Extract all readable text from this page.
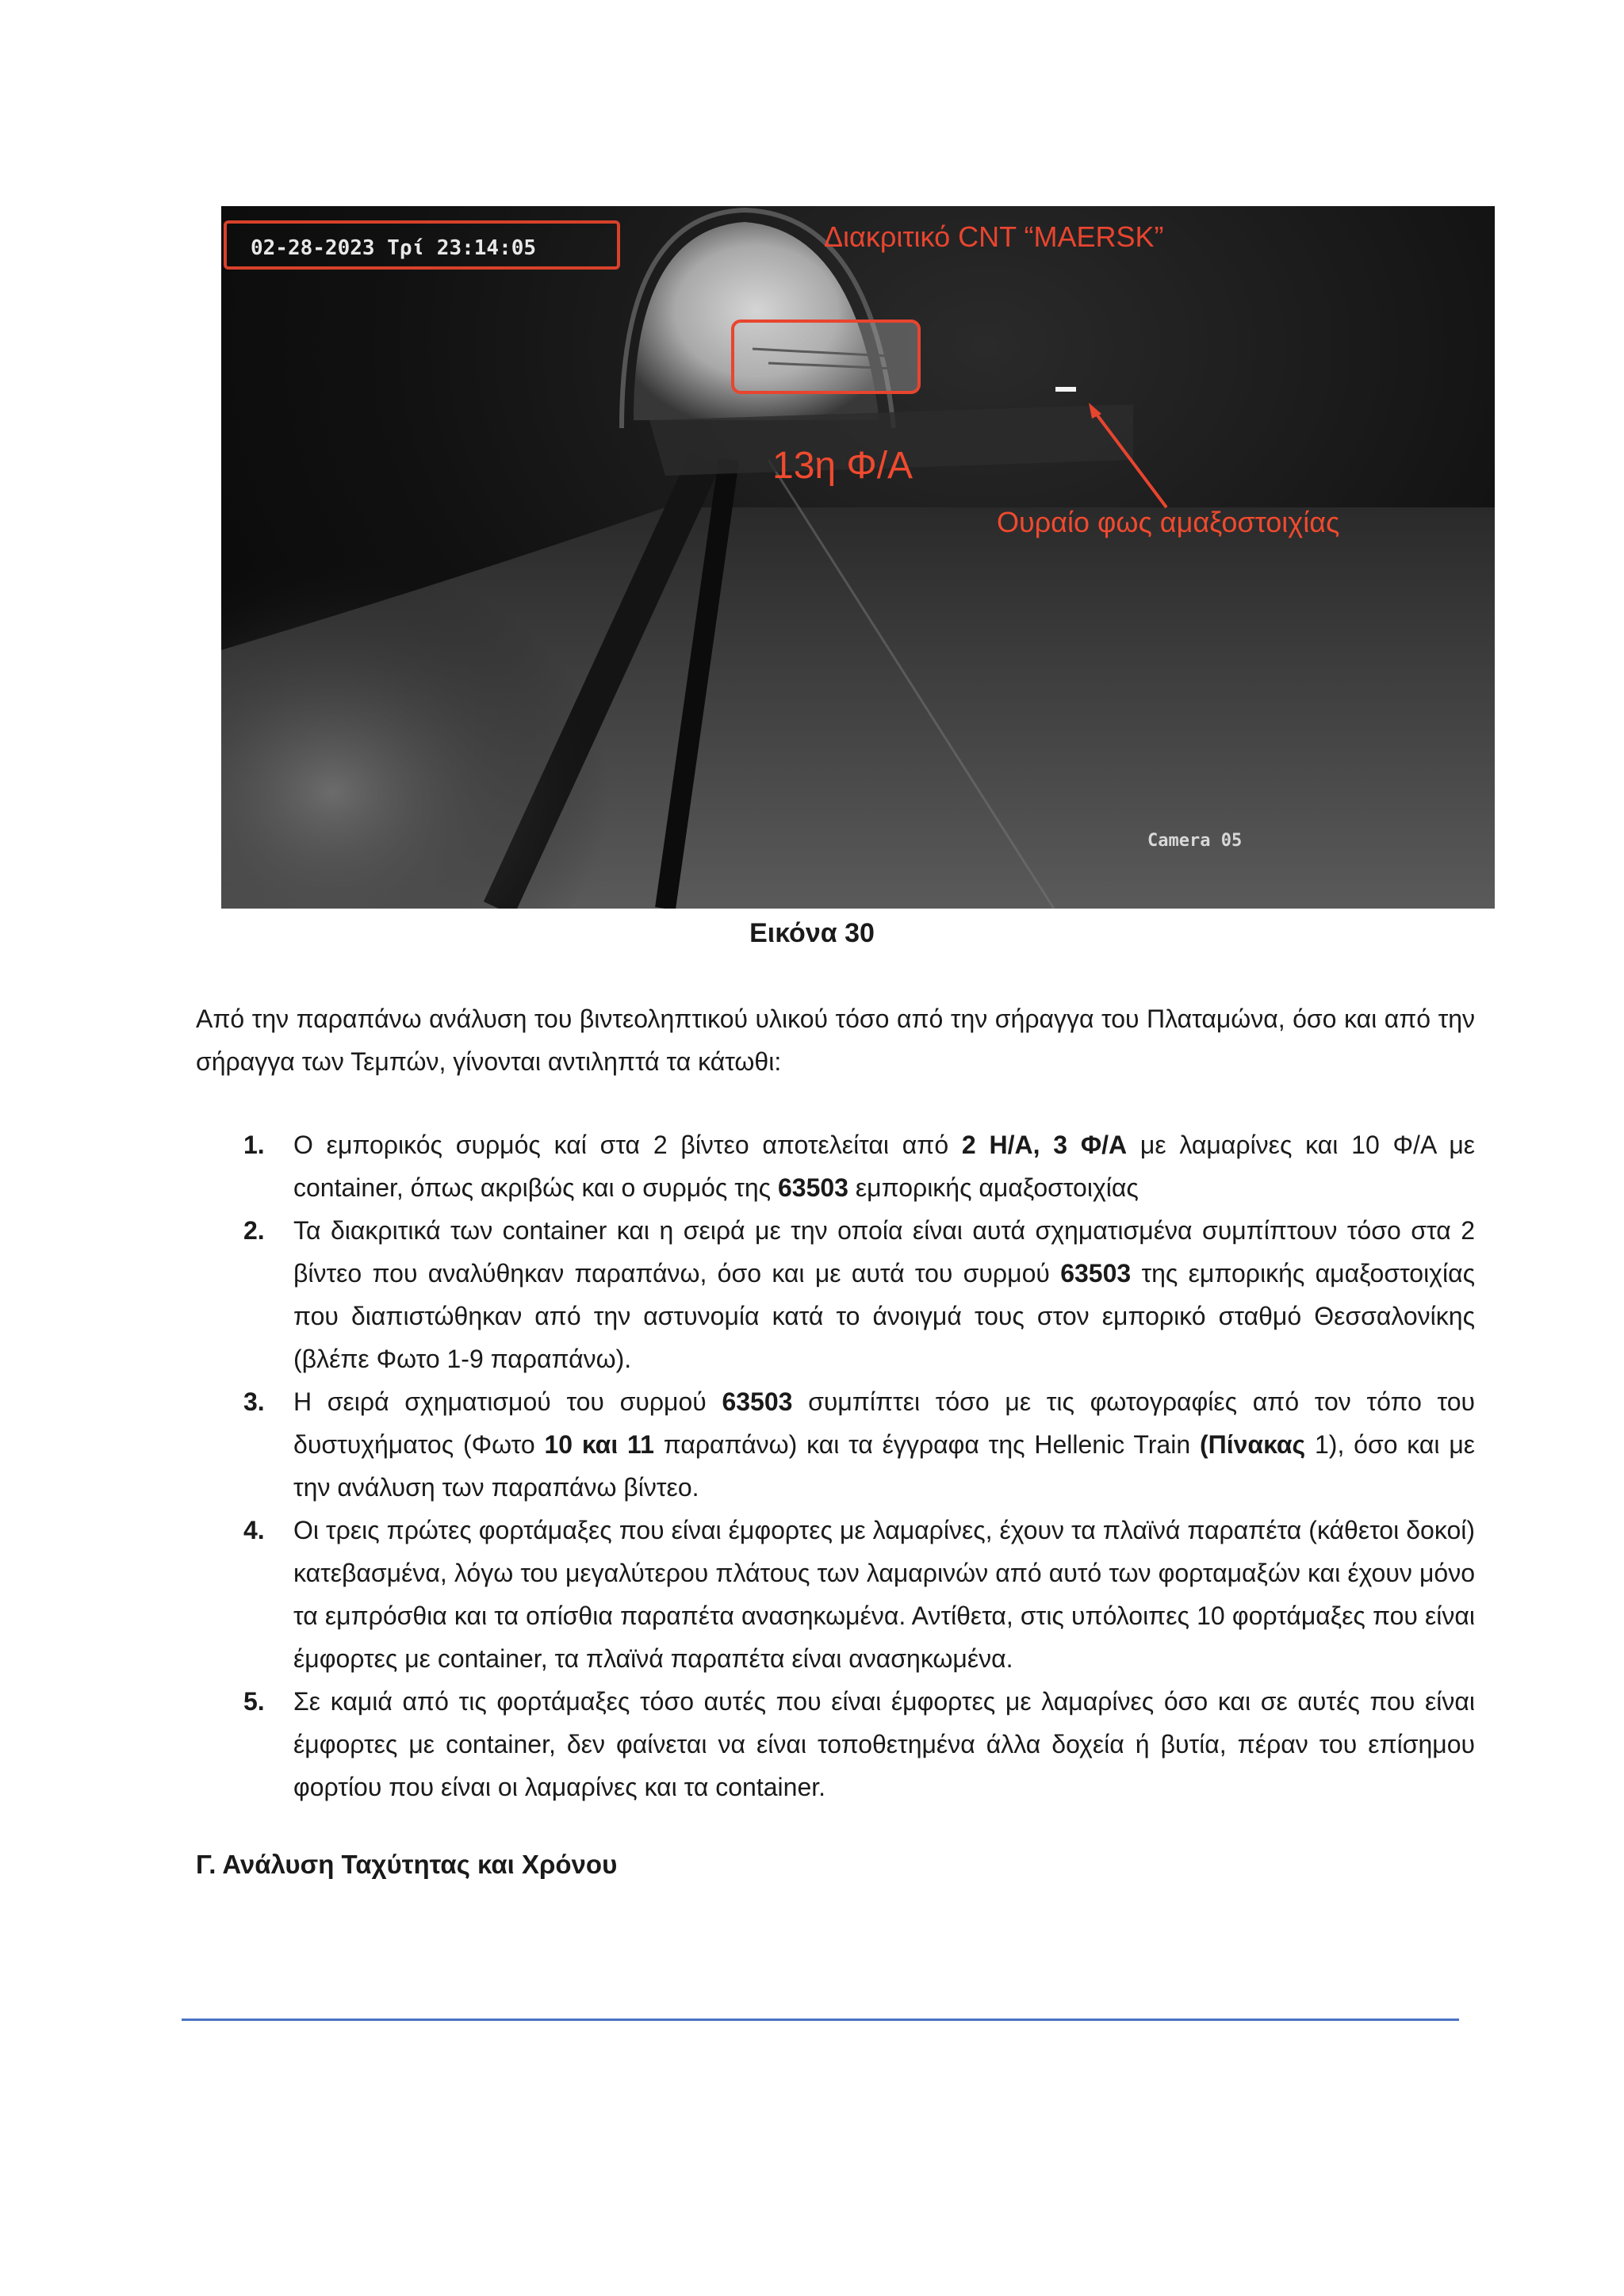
02-28-2023 Τρί 23:14:05	Διακριτικό CNT “MAERSK”
13η Φ/Α
Ουραίο φως αμαξοστοιχίας
Camera 05
Εικόνα 30

Από την παραπάνω ανάλυση του βιντεοληπτικού υλικού τόσο από την σήραγγα του Πλαταμώνα, όσο και από την σήραγγα των Τεμπών, γίνονται αντιληπτά τα κάτωθι:

1. Ο εμπορικός συρμός καί στα 2 βίντεο αποτελείται από 2 Η/Α, 3 Φ/Α με λαμαρίνες και 10 Φ/Α με container, όπως ακριβώς και ο συρμός της 63503 εμπορικής αμαξοστοιχίας
2. Τα διακριτικά των container και η σειρά με την οποία είναι αυτά σχηματισμένα συμπίπτουν τόσο στα 2 βίντεο που αναλύθηκαν παραπάνω, όσο και με αυτά του συρμού 63503 της εμπορικής αμαξοστοιχίας που διαπιστώθηκαν από την αστυνομία κατά το άνοιγμά τους στον εμπορικό σταθμό Θεσσαλονίκης (βλέπε Φωτο 1-9 παραπάνω).
3. Η σειρά σχηματισμού του συρμού 63503 συμπίπτει τόσο με τις φωτογραφίες από τον τόπο του δυστυχήματος (Φωτο 10 και 11 παραπάνω) και τα έγγραφα της Hellenic Train (Πίνακας 1), όσο και με την ανάλυση των παραπάνω βίντεο.
4. Οι τρεις πρώτες φορτάμαξες που είναι έμφορτες με λαμαρίνες, έχουν τα πλαϊνά παραπέτα (κάθετοι δοκοί) κατεβασμένα, λόγω του μεγαλύτερου πλάτους των λαμαρινών από αυτό των φορταμαξών και έχουν μόνο τα εμπρόσθια και τα οπίσθια παραπέτα ανασηκωμένα. Αντίθετα, στις υπόλοιπες 10 φορτάμαξες που είναι έμφορτες με container, τα πλαϊνά παραπέτα είναι ανασηκωμένα.
5. Σε καμιά από τις φορτάμαξες τόσο αυτές που είναι έμφορτες με λαμαρίνες όσο και σε αυτές που είναι έμφορτες με container, δεν φαίνεται να είναι τοποθετημένα άλλα δοχεία ή βυτία, πέραν του επίσημου φορτίου που είναι οι λαμαρίνες και τα container.
Γ. Ανάλυση Ταχύτητας και Χρόνου
